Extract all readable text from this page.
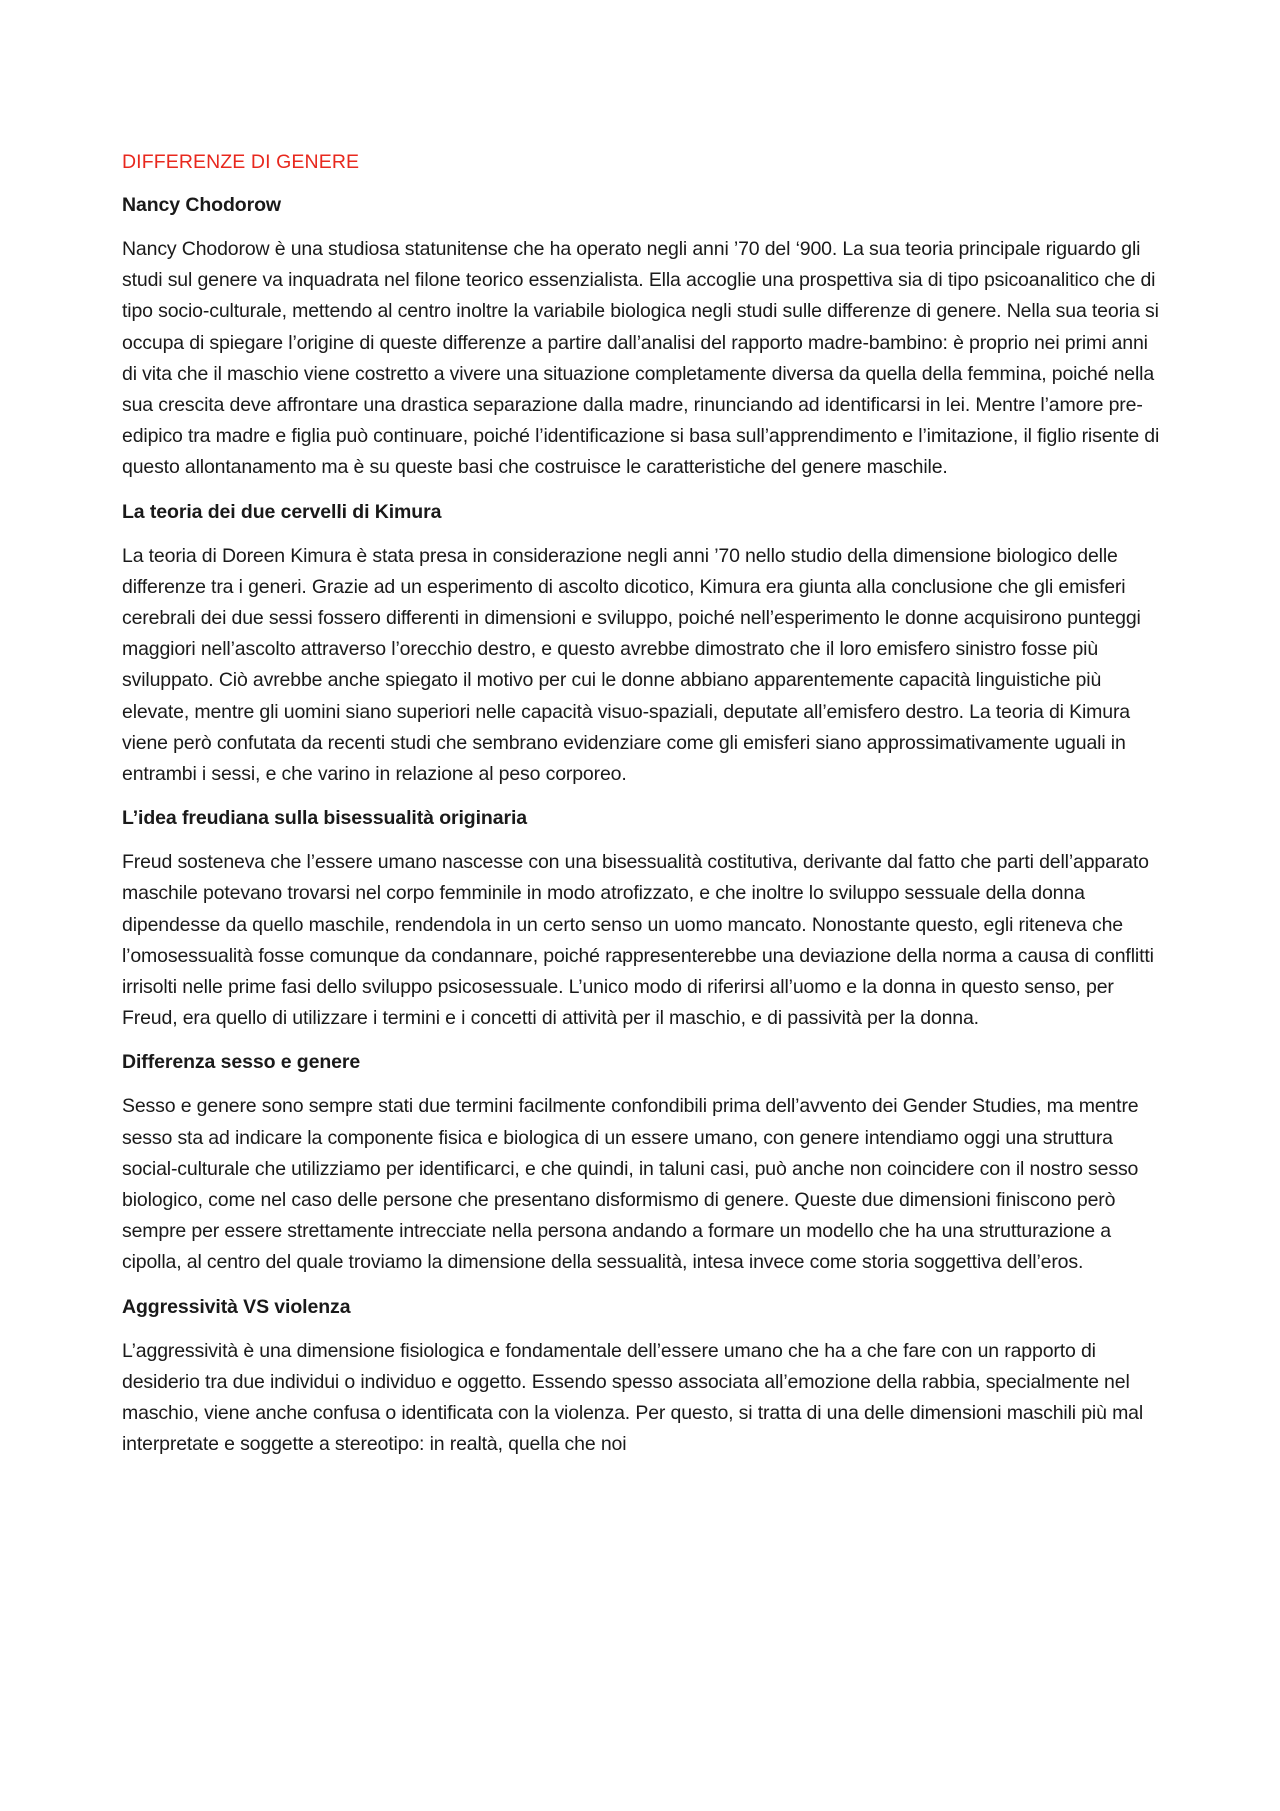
DIFFERENZE DI GENERE
Nancy Chodorow
Nancy Chodorow è una studiosa statunitense che ha operato negli anni ’70 del ‘900. La sua teoria principale riguardo gli studi sul genere va inquadrata nel filone teorico essenzialista. Ella accoglie una prospettiva sia di tipo psicoanalitico che di tipo socio-culturale, mettendo al centro inoltre la variabile biologica negli studi sulle differenze di genere. Nella sua teoria si occupa di spiegare l’origine di queste differenze a partire dall’analisi del rapporto madre-bambino: è proprio nei primi anni di vita che il maschio viene costretto a vivere una situazione completamente diversa da quella della femmina, poiché nella sua crescita deve affrontare una drastica separazione dalla madre, rinunciando ad identificarsi in lei. Mentre l’amore pre-edipico tra madre e figlia può continuare, poiché l’identificazione si basa sull’apprendimento e l’imitazione, il figlio risente di questo allontanamento ma è su queste basi che costruisce le caratteristiche del genere maschile.
La teoria dei due cervelli di Kimura
La teoria di Doreen Kimura è stata presa in considerazione negli anni ’70 nello studio della dimensione biologico delle differenze tra i generi. Grazie ad un esperimento di ascolto dicotico, Kimura era giunta alla conclusione che gli emisferi cerebrali dei due sessi fossero differenti in dimensioni e sviluppo, poiché nell’esperimento le donne acquisirono punteggi maggiori nell’ascolto attraverso l’orecchio destro, e questo avrebbe dimostrato che il loro emisfero sinistro fosse più sviluppato. Ciò avrebbe anche spiegato il motivo per cui le donne abbiano apparentemente capacità linguistiche più elevate, mentre gli uomini siano superiori nelle capacità visuo-spaziali, deputate all’emisfero destro. La teoria di Kimura viene però confutata da recenti studi che sembrano evidenziare come gli emisferi siano approssimativamente uguali in entrambi i sessi, e che varino in relazione al peso corporeo.
L’idea freudiana sulla bisessualità originaria
Freud sosteneva che l’essere umano nascesse con una bisessualità costitutiva, derivante dal fatto che parti dell’apparato maschile potevano trovarsi nel corpo femminile in modo atrofizzato, e che inoltre lo sviluppo sessuale della donna dipendesse da quello maschile, rendendola in un certo senso un uomo mancato. Nonostante questo, egli riteneva che l’omosessualità fosse comunque da condannare, poiché rappresenterebbe una deviazione della norma a causa di conflitti irrisolti nelle prime fasi dello sviluppo psicosessuale. L’unico modo di riferirsi all’uomo e la donna in questo senso, per Freud, era quello di utilizzare i termini e i concetti di attività per il maschio, e di passività per la donna.
Differenza sesso e genere
Sesso e genere sono sempre stati due termini facilmente confondibili prima dell’avvento dei Gender Studies, ma mentre sesso sta ad indicare la componente fisica e biologica di un essere umano, con genere intendiamo oggi una struttura social-culturale che utilizziamo per identificarci, e che quindi, in taluni casi, può anche non coincidere con il nostro sesso biologico, come nel caso delle persone che presentano disformismo di genere. Queste due dimensioni finiscono però sempre per essere strettamente intrecciate nella persona andando a formare un modello che ha una strutturazione a cipolla, al centro del quale troviamo la dimensione della sessualità, intesa invece come storia soggettiva dell’eros.
Aggressività VS violenza
L’aggressività è una dimensione fisiologica e fondamentale dell’essere umano che ha a che fare con un rapporto di desiderio tra due individui o individuo e oggetto. Essendo spesso associata all’emozione della rabbia, specialmente nel maschio, viene anche confusa o identificata con la violenza. Per questo, si tratta di una delle dimensioni maschili più mal interpretate e soggette a stereotipo: in realtà, quella che noi
